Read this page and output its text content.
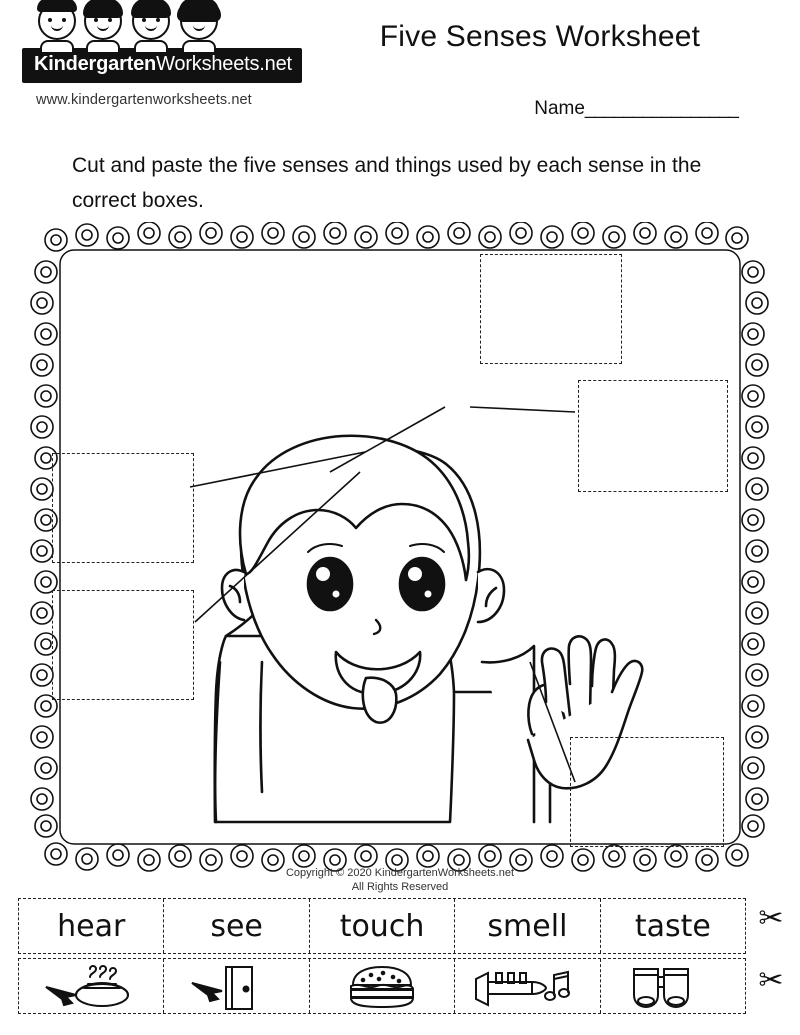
KindergartenWorksheets.net
www.kindergartenworksheets.net
Five Senses Worksheet
Name________________
Cut and paste the five senses and things used by each sense in the correct boxes.
Copyright © 2020 KindergartenWorksheets.net
All Rights Reserved
hear	see	touch smell taste	✂
✂
